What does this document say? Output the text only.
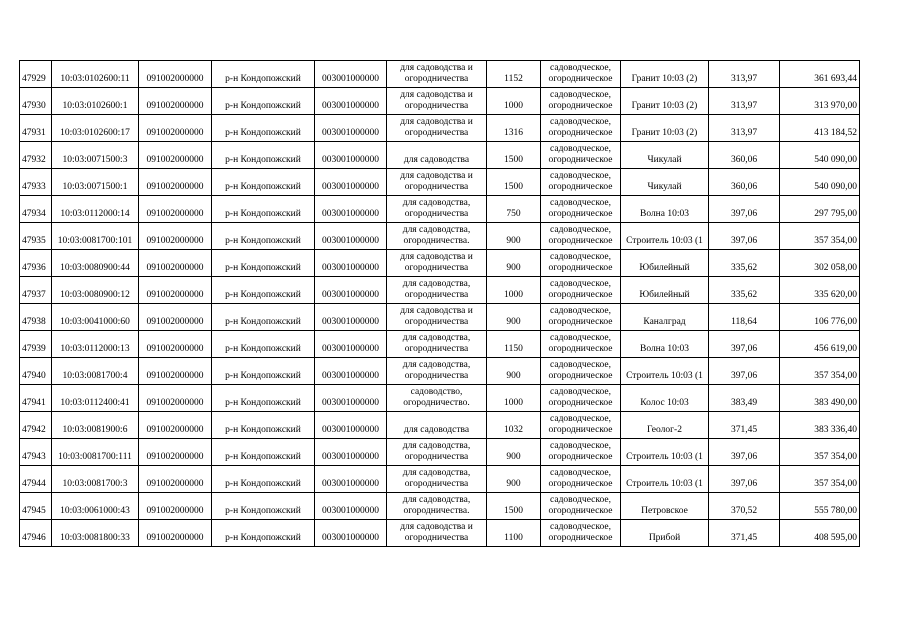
47929	10:03:0102600:11	091002000000	р-н Кондопожский	003001000000	для садоводства и
огородничества	1152	садоводческое,
огородническое	Гранит 10:03 (2)	313,97	361 693,44
47930	10:03:0102600:1	091002000000	р-н Кондопожский	003001000000	для садоводства и
огородничества	1000	садоводческое,
огородническое	Гранит 10:03 (2)	313,97	313 970,00
47931	10:03:0102600:17	091002000000	р-н Кондопожский	003001000000	для садоводства и
огородничества	1316	садоводческое,
огородническое	Гранит 10:03 (2)	313,97	413 184,52
47932	10:03:0071500:3	091002000000	р-н Кондопожский	003001000000	для садоводства	1500	садоводческое,
огородническое	Чикулай	360,06	540 090,00
47933	10:03:0071500:1	091002000000	р-н Кондопожский	003001000000	для садоводства и
огородничества	1500	садоводческое,
огородническое	Чикулай	360,06	540 090,00
47934	10:03:0112000:14	091002000000	р-н Кондопожский	003001000000	для садоводства,
огородничества	750	садоводческое,
огородническое	Волна 10:03	397,06	297 795,00
47935	10:03:0081700:101	091002000000	р-н Кондопожский	003001000000	для садоводства,
огородничества.	900	садоводческое,
огородническое	Строитель 10:03 (1	397,06	357 354,00
47936	10:03:0080900:44	091002000000	р-н Кондопожский	003001000000	для садоводства и
огородничества	900	садоводческое,
огородническое	Юбилейный	335,62	302 058,00
47937	10:03:0080900:12	091002000000	р-н Кондопожский	003001000000	для садоводства,
огородничества	1000	садоводческое,
огородническое	Юбилейный	335,62	335 620,00
47938	10:03:0041000:60	091002000000	р-н Кондопожский	003001000000	для садоводства и
огородничества	900	садоводческое,
огородническое	Каналград	118,64	106 776,00
47939	10:03:0112000:13	091002000000	р-н Кондопожский	003001000000	для садоводства,
огородничества	1150	садоводческое,
огородническое	Волна 10:03	397,06	456 619,00
47940	10:03:0081700:4	091002000000	р-н Кондопожский	003001000000	для садоводства,
огородничества	900	садоводческое,
огородническое	Строитель 10:03 (1	397,06	357 354,00
47941	10:03:0112400:41	091002000000	р-н Кондопожский	003001000000	садоводство,
огородничество.	1000	садоводческое,
огородническое	Колос 10:03	383,49	383 490,00
47942	10:03:0081900:6	091002000000	р-н Кондопожский	003001000000	для садоводства	1032	садоводческое,
огородническое	Геолог-2	371,45	383 336,40
47943	10:03:0081700:111	091002000000	р-н Кондопожский	003001000000	для садоводства,
огородничества	900	садоводческое,
огородническое	Строитель 10:03 (1	397,06	357 354,00
47944	10:03:0081700:3	091002000000	р-н Кондопожский	003001000000	для садоводства,
огородничества	900	садоводческое,
огородническое	Строитель 10:03 (1	397,06	357 354,00
47945	10:03:0061000:43	091002000000	р-н Кондопожский	003001000000	для садоводства,
огородничества.	1500	садоводческое,
огородническое	Петровское	370,52	555 780,00
47946	10:03:0081800:33	091002000000	р-н Кондопожский	003001000000	для садоводства и
огородничества	1100	садоводческое,
огородническое	Прибой	371,45	408 595,00
